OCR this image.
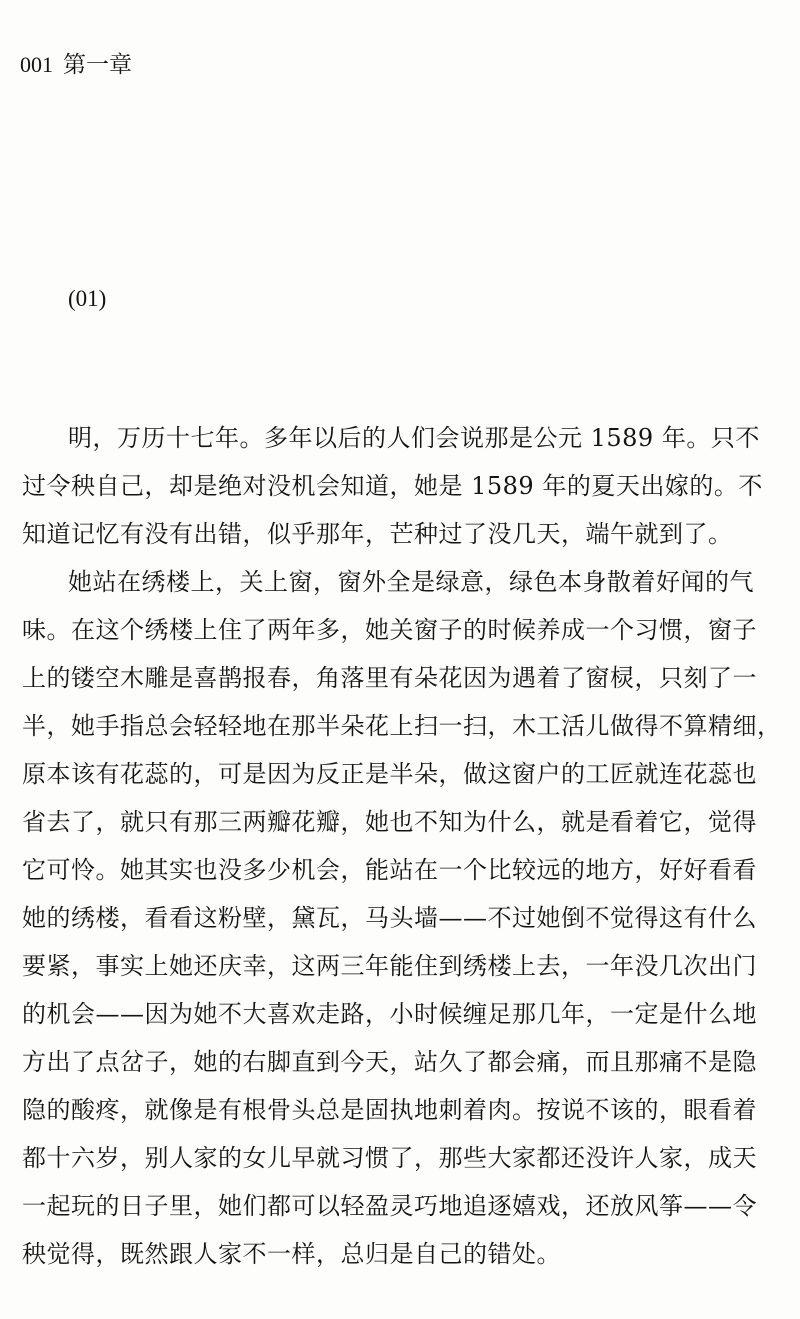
001 第一章
(01)
明，万历十七年。多年以后的人们会说那是公元 1589 年。只不
过令秧自己，却是绝对没机会知道，她是 1589 年的夏天出嫁的。不
知道记忆有没有出错，似乎那年，芒种过了没几天，端午就到了。
她站在绣楼上，关上窗，窗外全是绿意，绿色本身散着好闻的气
味。在这个绣楼上住了两年多，她关窗子的时候养成一个习惯，窗子
上的镂空木雕是喜鹊报春，角落里有朵花因为遇着了窗棂，只刻了一
半，她手指总会轻轻地在那半朵花上扫一扫，木工活儿做得不算精细，
原本该有花蕊的，可是因为反正是半朵，做这窗户的工匠就连花蕊也
省去了，就只有那三两瓣花瓣，她也不知为什么，就是看着它，觉得
它可怜。她其实也没多少机会，能站在一个比较远的地方，好好看看
她的绣楼，看看这粉壁，黛瓦，马头墙——不过她倒不觉得这有什么
要紧，事实上她还庆幸，这两三年能住到绣楼上去，一年没几次出门
的机会——因为她不大喜欢走路，小时候缠足那几年，一定是什么地
方出了点岔子，她的右脚直到今天，站久了都会痛，而且那痛不是隐
隐的酸疼，就像是有根骨头总是固执地刺着肉。按说不该的，眼看着
都十六岁，别人家的女儿早就习惯了，那些大家都还没许人家，成天
一起玩的日子里，她们都可以轻盈灵巧地追逐嬉戏，还放风筝——令
秧觉得，既然跟人家不一样，总归是自己的错处。
